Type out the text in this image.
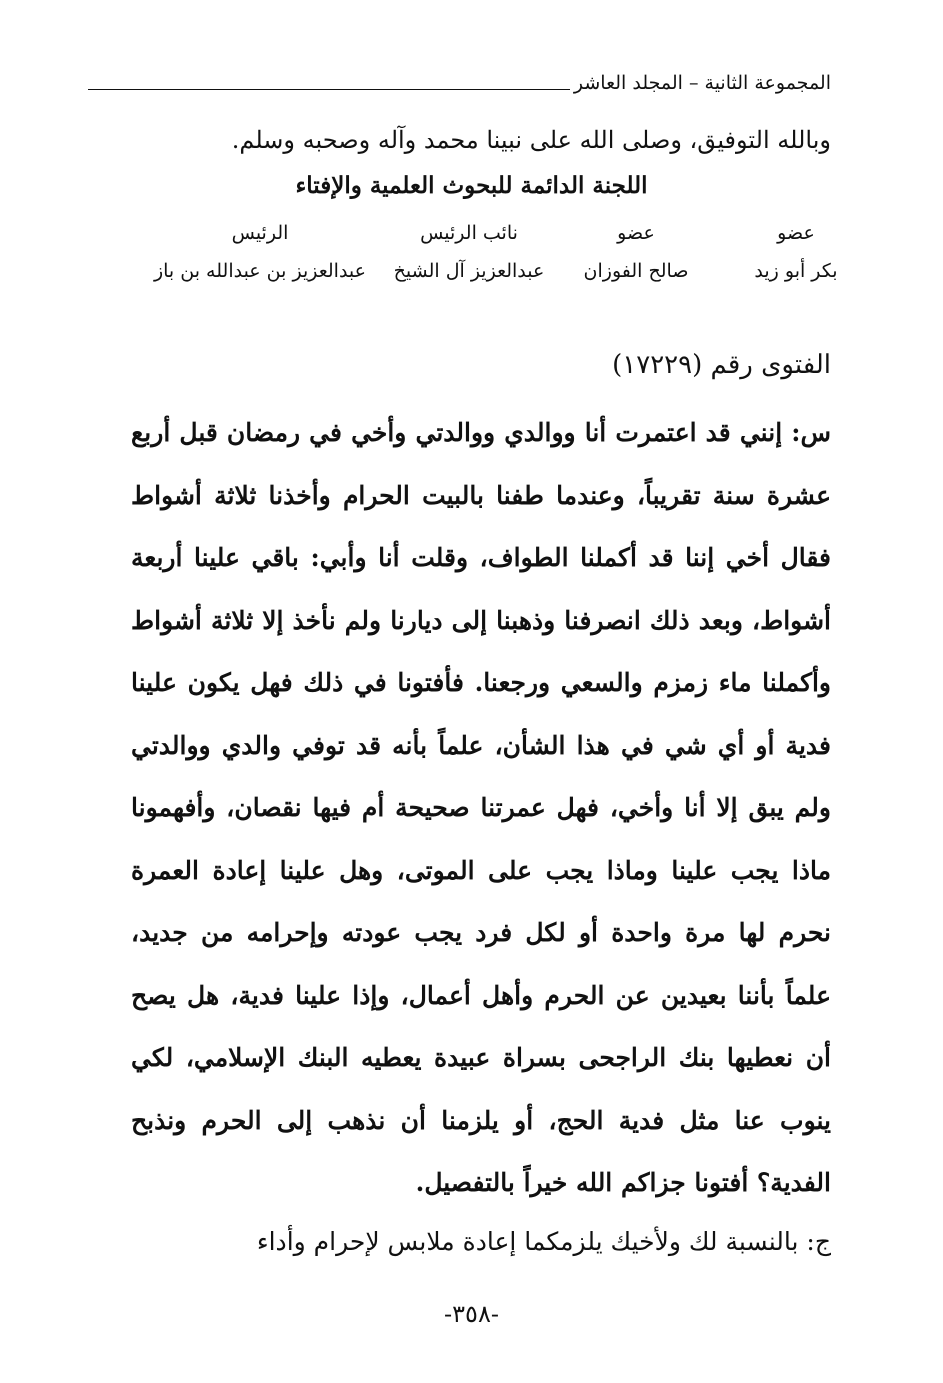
المجموعة الثانية – المجلد العاشر
وبالله التوفيق، وصلى الله على نبينا محمد وآله وصحبه وسلم.
اللجنة الدائمة للبحوث العلمية والإفتاء
عضو
بكر أبو زيد
عضو
صالح الفوزان
نائب الرئيس
عبدالعزيز آل الشيخ
الرئيس
عبدالعزيز بن عبدالله بن باز
الفتوى رقم (١٧٢٢٩)
س: إنني قد اعتمرت أنا ووالدي ووالدتي وأخي في رمضان قبل أربع عشرة سنة تقريباً، وعندما طفنا بالبيت الحرام وأخذنا ثلاثة أشواط فقال أخي إننا قد أكملنا الطواف، وقلت أنا وأبي: باقي علينا أربعة أشواط، وبعد ذلك انصرفنا وذهبنا إلى ديارنا ولم نأخذ إلا ثلاثة أشواط وأكملنا ماء زمزم والسعي ورجعنا. فأفتونا في ذلك فهل يكون علينا فدية أو أي شي في هذا الشأن، علماً بأنه قد توفي والدي ووالدتي ولم يبق إلا أنا وأخي، فهل عمرتنا صحيحة أم فيها نقصان، وأفهمونا ماذا يجب علينا وماذا يجب على الموتى، وهل علينا إعادة العمرة نحرم لها مرة واحدة أو لكل فرد يجب عودته وإحرامه من جديد، علماً بأننا بعيدين عن الحرم وأهل أعمال، وإذا علينا فدية، هل يصح أن نعطيها بنك الراجحى بسراة عبيدة يعطيه البنك الإسلامي، لكي ينوب عنا مثل فدية الحج، أو يلزمنا أن نذهب إلى الحرم ونذبح الفدية؟ أفتونا جزاكم الله خيراً بالتفصيل.
ج: بالنسبة لك ولأخيك يلزمكما إعادة ملابس لإحرام وأداء
-٣٥٨-
